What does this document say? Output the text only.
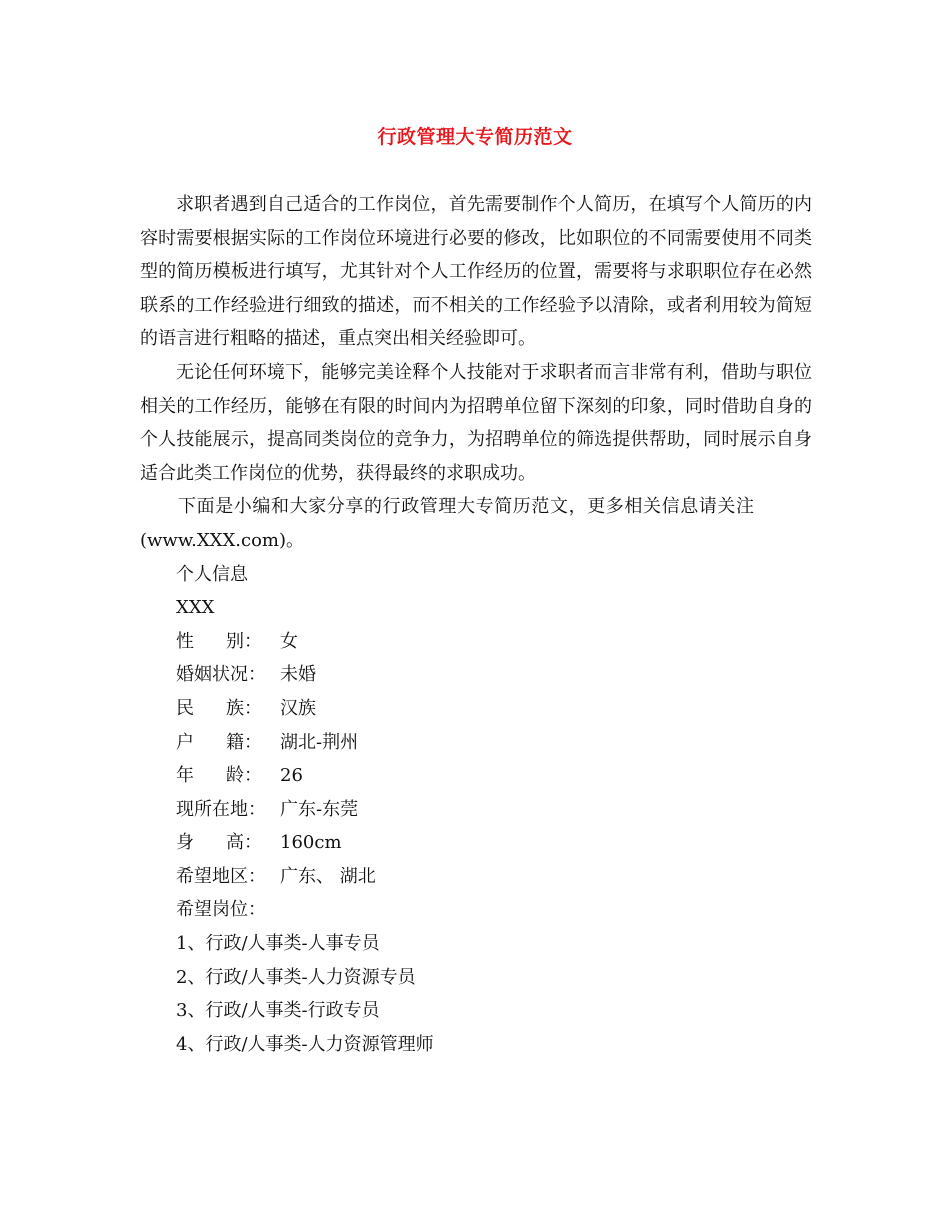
行政管理大专简历范文

求职者遇到自己适合的工作岗位，首先需要制作个人简历，在填写个人简历的内容时需要根据实际的工作岗位环境进行必要的修改，比如职位的不同需要使用不同类型的简历模板进行填写，尤其针对个人工作经历的位置，需要将与求职职位存在必然联系的工作经验进行细致的描述，而不相关的工作经验予以清除，或者利用较为简短的语言进行粗略的描述，重点突出相关经验即可。

无论任何环境下，能够完美诠释个人技能对于求职者而言非常有利，借助与职位相关的工作经历，能够在有限的时间内为招聘单位留下深刻的印象，同时借助自身的个人技能展示，提高同类岗位的竞争力，为招聘单位的筛选提供帮助，同时展示自身适合此类工作岗位的优势，获得最终的求职成功。

下面是小编和大家分享的行政管理大专简历范文，更多相关信息请关注

(www.XXX.com)。

个人信息

XXX

性 别： 女

婚姻状况： 未婚

民 族： 汉族

户 籍： 湖北-荆州

年 龄： 26

现所在地： 广东-东莞

身 高： 160cm

希望地区： 广东、 湖北

希望岗位：

1、行政/人事类-人事专员

2、行政/人事类-人力资源专员

3、行政/人事类-行政专员

4、行政/人事类-人力资源管理师
